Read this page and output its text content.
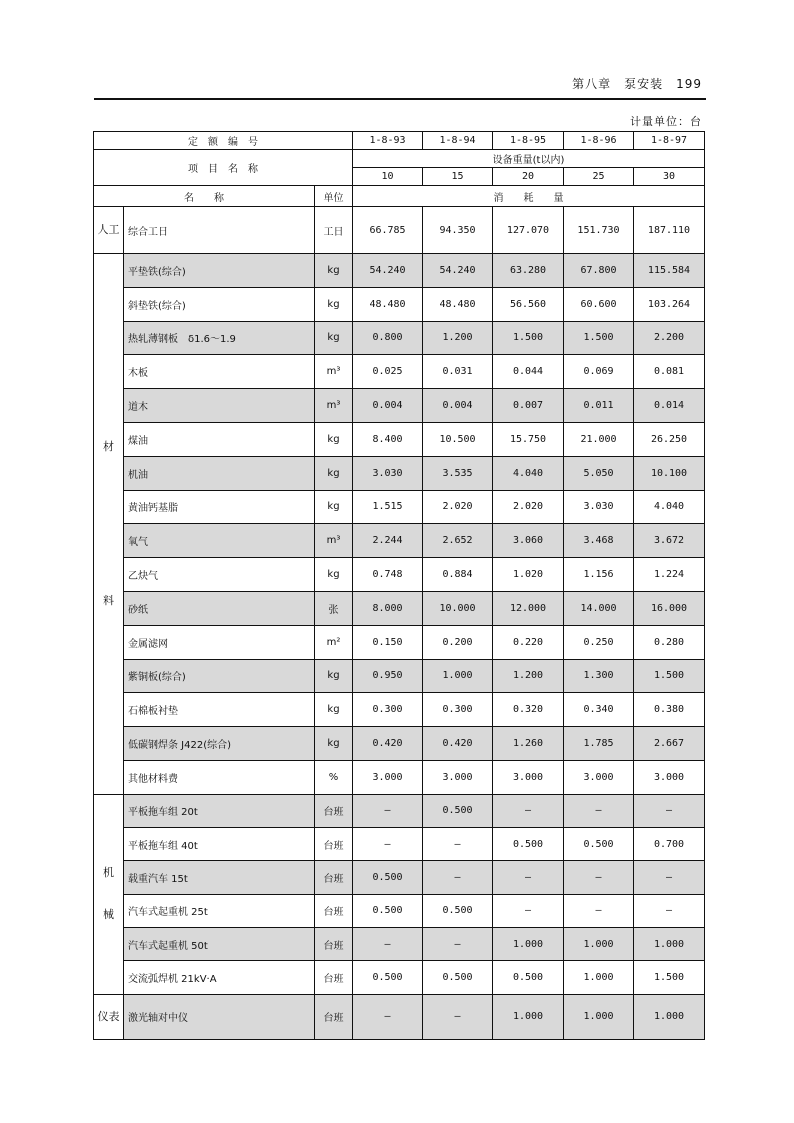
第八章　泵安装　199
计量单位：台
定　额　编　号			1-8-93	1-8-94	1-8-95	1-8-96	1-8-97
项　目　名　称			设备重量(t以内)				
			10	15	20	25	30
名　　称		单位	消　　耗　　量				
人工	综合工日	工日	66.785	94.350	127.070	151.730	187.110
材

料	平垫铁(综合)	kg	54.240	54.240	63.280	67.800	115.584
	斜垫铁(综合)	kg	48.480	48.480	56.560	60.600	103.264
	热轧薄钢板　δ1.6～1.9	kg	0.800	1.200	1.500	1.500	2.200
	木板	m³	0.025	0.031	0.044	0.069	0.081
	道木	m³	0.004	0.004	0.007	0.011	0.014
	煤油	kg	8.400	10.500	15.750	21.000	26.250
	机油	kg	3.030	3.535	4.040	5.050	10.100
	黄油钙基脂	kg	1.515	2.020	2.020	3.030	4.040
	氧气	m³	2.244	2.652	3.060	3.468	3.672
	乙炔气	kg	0.748	0.884	1.020	1.156	1.224
	砂纸	张	8.000	10.000	12.000	14.000	16.000
	金属滤网	m²	0.150	0.200	0.220	0.250	0.280
	紫铜板(综合)	kg	0.950	1.000	1.200	1.300	1.500
	石棉板衬垫	kg	0.300	0.300	0.320	0.340	0.380
	低碳钢焊条 J422(综合)	kg	0.420	0.420	1.260	1.785	2.667
	其他材料费	%	3.000	3.000	3.000	3.000	3.000
机

械	平板拖车组 20t	台班	—	0.500	—	—	—
	平板拖车组 40t	台班	—	—	0.500	0.500	0.700
	载重汽车 15t	台班	0.500	—	—	—	—
	汽车式起重机 25t	台班	0.500	0.500	—	—	—
	汽车式起重机 50t	台班	—	—	1.000	1.000	1.000
	交流弧焊机 21kV·A	台班	0.500	0.500	0.500	1.000	1.500
仪表	激光轴对中仪	台班	—	—	1.000	1.000	1.000
